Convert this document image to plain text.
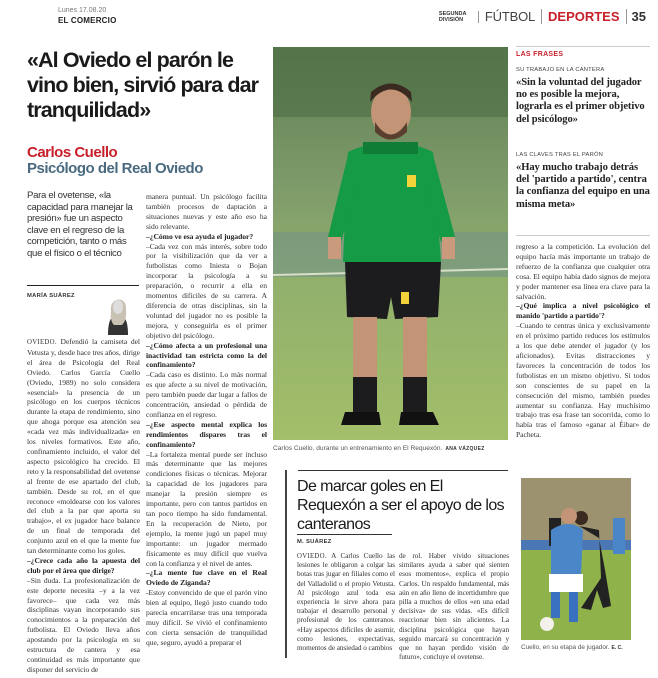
Lunes 17.08.20
EL COMERCIO
SEGUNDA DIVISIÓN	FÚTBOL	DEPORTES 35
«Al Oviedo el parón le vino bien, sirvió para dar tranquilidad»
Carlos Cuello
Psicólogo del Real Oviedo
Para el ovetense, «la capacidad para manejar la presión» fue un aspecto clave en el regreso de la competición, tanto o más que el físico o el técnico
MARÍA SUÁREZ

OVIEDO. Defendió la camiseta del Vetusta y, desde hace tres años, dirige el área de Psicología del Real Oviedo. Carlos García Cuello (Oviedo, 1989) no solo considera «esencial» la presencia de un psicólogo en los cuerpos técnicos durante la etapa de rendimiento, sino que ahoga porque esa atención sea «cada vez más individualizada» en los niveles formativos. Este año, confinamiento incluido, el valor del aspecto psicológico ha crecido. El reto y la responsabilidad del ovetense al frente de ese apartado del club, también. Desde su rol, en el que reconoce «moldearse con los valores del club a la par que aporta su trabajo», el ex jugador hace balance de un final de temporada del conjunto azul en el que la mente fue tan determinante como los goles.

–¿Crece cada año la apuesta del club por el área que dirige?

–Sin duda. La profesionalización de este deporte necesita –y a la vez favorece– que cada vez más disciplinas vayan incorporando sus conocimientos a la preparación del futbolista. El Oviedo lleva años apostando por la psicología en su estructura de cantera y esa continuidad es más importante que disponer del servicio de

manera puntual. Un psicólogo facilita también procesos de daptación a situaciones nuevas y este año eso ha sido relevante.

–¿Cómo ve esa ayuda el jugador?

–Cada vez con más interés, sobre todo por la visibilización que da ver a futbolistas como Iniesta o Bojan incorporar la psicología a su preparación, o recurrir a ella en momentos difíciles de su carrera. A diferencia de otras disciplinas, sin la voluntad del jugador no es posible la mejora, y conseguirla es el primer objetivo del psicólogo.

–¿Cómo afecta a un profesional una inactividad tan estricta como la del confinamiento?

–Cada caso es distinto. Lo más normal es que afecte a su nivel de motivación, pero también puede dar lugar a fallos de concentración, ansiedad o pérdida de confianza en el regreso.

–¿Ese aspecto mental explica los rendimientos dispares tras el confinamiento?

–La fortaleza mental puede ser incluso más determinante que las mejores condiciones físicas o técnicas. Mejorar la capacidad de los jugadores para manejar la presión siempre es importante, pero con tantos partidos en tan poco tiempo ha sido fundamental. En la recuperación de Nieto, por ejemplo, la mente jugó un papel muy importante: un jugador mermado físicamente es muy difícil que vuelva con la confianza y el nivel de antes.

–¿La mente fue clave en el Real Oviedo de Ziganda?

-Estoy convencido de que el parón vino bien al equipo, llegó justo cuando todo parecía encarrilarse tras una temporada muy difícil. Se vivió el confinamiento con cierta sensación de tranquilidad que, seguro, ayudó a preparar el

Carlos Cuello, durante un entrenamiento en El Requexón. ANA VÁZQUEZ
LAS FRASES
SU TRABAJO EN LA CANTERA
«Sin la voluntad del jugador no es posible la mejora, lograrla es el primer objetivo del psicólogo»
LAS CLAVES TRAS EL PARÓN
«Hay mucho trabajo detrás del 'partido a partido', centra la confianza del equipo en una misma meta»

regreso a la competición. La evolución del equipo hacía más importante un trabajo de refuerzo de la confianza que cualquier otra cosa. El equipo había dado signos de mejora y poder mantener esa línea era clave para la salvación.

–¿Qué implica a nivel psicológico el manido 'partido a partido'?

–Cuando te centras única y exclusivamente en el próximo partido reduces los estímulos a los que debe atender el jugador (y los aficionados). Evitas distracciones y favoreces la concentración de todos los futbolistas en un mismo objetivo. Si todos son conscientes de su papel en la consecución del mismo, también puedes aumentar su confianza. Hay muchísimo trabajo tras esa frase tan socorrida, como lo había tras el famoso «ganar al Éibar» de Pacheta.

De marcar goles en El Requexón a ser el apoyo de los canteranos
M. SUÁREZ

OVIEDO. A Carlos Cuello las lesiones le obligaron a colgar las botas tras jugar en filiales como el del Valladolid o el propio Vetusta. Al psicólogo azul toda esa experiencia le sirve ahora para trabajar el desarrollo personal y profesional de los canteranos. «Hay aspectos difíciles de asumir, como lesiones, expectativas, momentos de ansiedad o cambios

de rol. Haber vivido situaciones similares ayuda a saber qué sienten esos momentos», explica el propio Carlos. Un respaldo fundamental, más aún en año lleno de incertidumbre que pilla a muchos de ellos «en una edad decisiva» de sus vidas. «Es difícil reaccionar bien sin alicientes. La disciplina psicológica que hayan seguido marcará su concentración y que no hayan perdido visión de futuro», concluye el ovetense.

Cuello, en su etapa de jugador. E. C.
